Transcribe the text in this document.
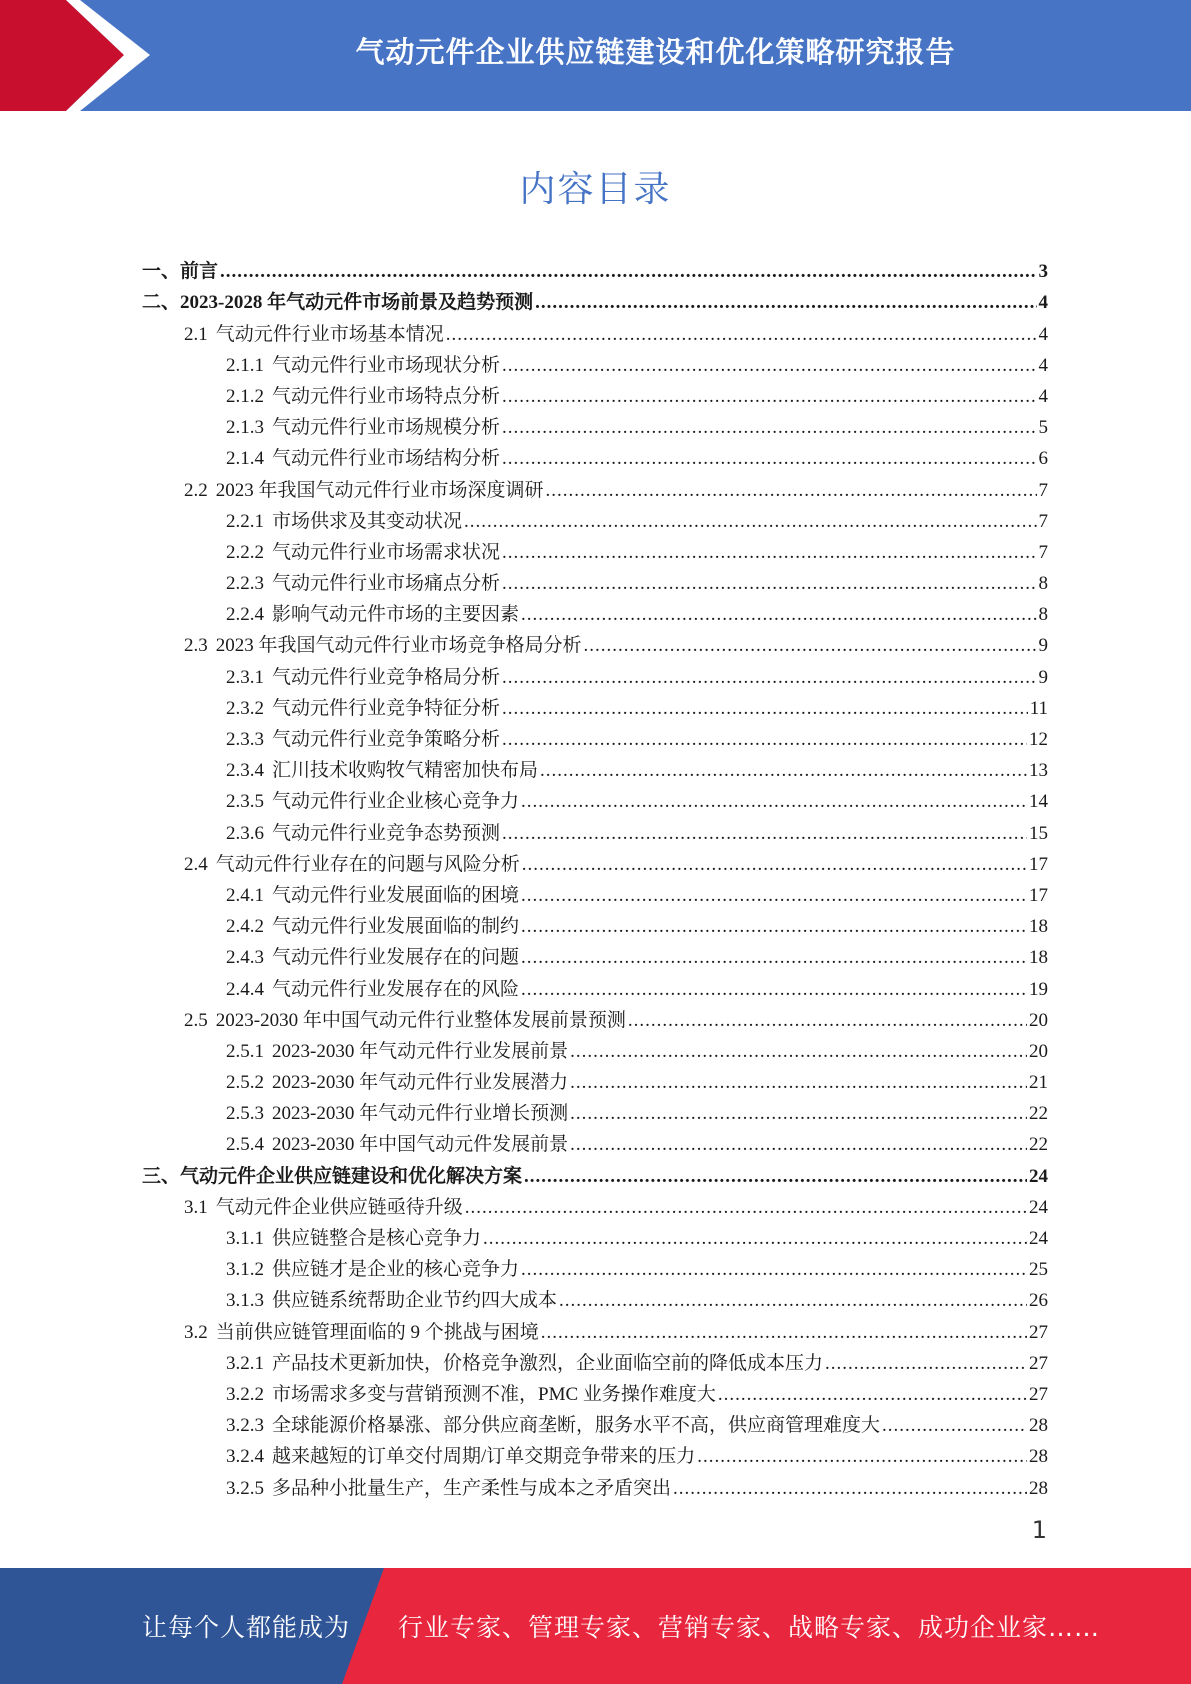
气动元件企业供应链建设和优化策略研究报告
内容目录
一、前言 .....	3
二、2023-2028 年气动元件市场前景及趋势预测 .....	4
2.1 气动元件行业市场基本情况 .....	4
2.1.1 气动元件行业市场现状分析 .....	4
2.1.2 气动元件行业市场特点分析 .....	4
2.1.3 气动元件行业市场规模分析 .....	5
2.1.4 气动元件行业市场结构分析 .....	6
2.2 2023 年我国气动元件行业市场深度调研 .....	7
2.2.1 市场供求及其变动状况 .....	7
2.2.2 气动元件行业市场需求状况 .....	7
2.2.3 气动元件行业市场痛点分析 .....	8
2.2.4 影响气动元件市场的主要因素 .....	8
2.3 2023 年我国气动元件行业市场竞争格局分析 .....	9
2.3.1 气动元件行业竞争格局分析 .....	9
2.3.2 气动元件行业竞争特征分析 .....	11
2.3.3 气动元件行业竞争策略分析 .....	12
2.3.4 汇川技术收购牧气精密加快布局 .....	13
2.3.5 气动元件行业企业核心竞争力 .....	14
2.3.6 气动元件行业竞争态势预测 .....	15
2.4 气动元件行业存在的问题与风险分析 .....	17
2.4.1 气动元件行业发展面临的困境 .....	17
2.4.2 气动元件行业发展面临的制约 .....	18
2.4.3 气动元件行业发展存在的问题 .....	18
2.4.4 气动元件行业发展存在的风险 .....	19
2.5 2023-2030 年中国气动元件行业整体发展前景预测 .....	20
2.5.1 2023-2030 年气动元件行业发展前景 .....	20
2.5.2 2023-2030 年气动元件行业发展潜力 .....	21
2.5.3 2023-2030 年气动元件行业增长预测 .....	22
2.5.4 2023-2030 年中国气动元件发展前景 .....	22
三、气动元件企业供应链建设和优化解决方案 .....	24
3.1 气动元件企业供应链亟待升级 .....	24
3.1.1 供应链整合是核心竞争力 .....	24
3.1.2 供应链才是企业的核心竞争力 .....	25
3.1.3 供应链系统帮助企业节约四大成本 .....	26
3.2 当前供应链管理面临的 9 个挑战与困境 .....	27
3.2.1 产品技术更新加快，价格竞争激烈，企业面临空前的降低成本压力 .....	27
3.2.2 市场需求多变与营销预测不准，PMC 业务操作难度大 .....	27
3.2.3 全球能源价格暴涨、部分供应商垄断，服务水平不高，供应商管理难度大 .....	28
3.2.4 越来越短的订单交付周期/订单交期竞争带来的压力 .....	28
3.2.5 多品种小批量生产，生产柔性与成本之矛盾突出 .....	28
1
让每个人都能成为 行业专家、管理专家、营销专家、战略专家、成功企业家……
